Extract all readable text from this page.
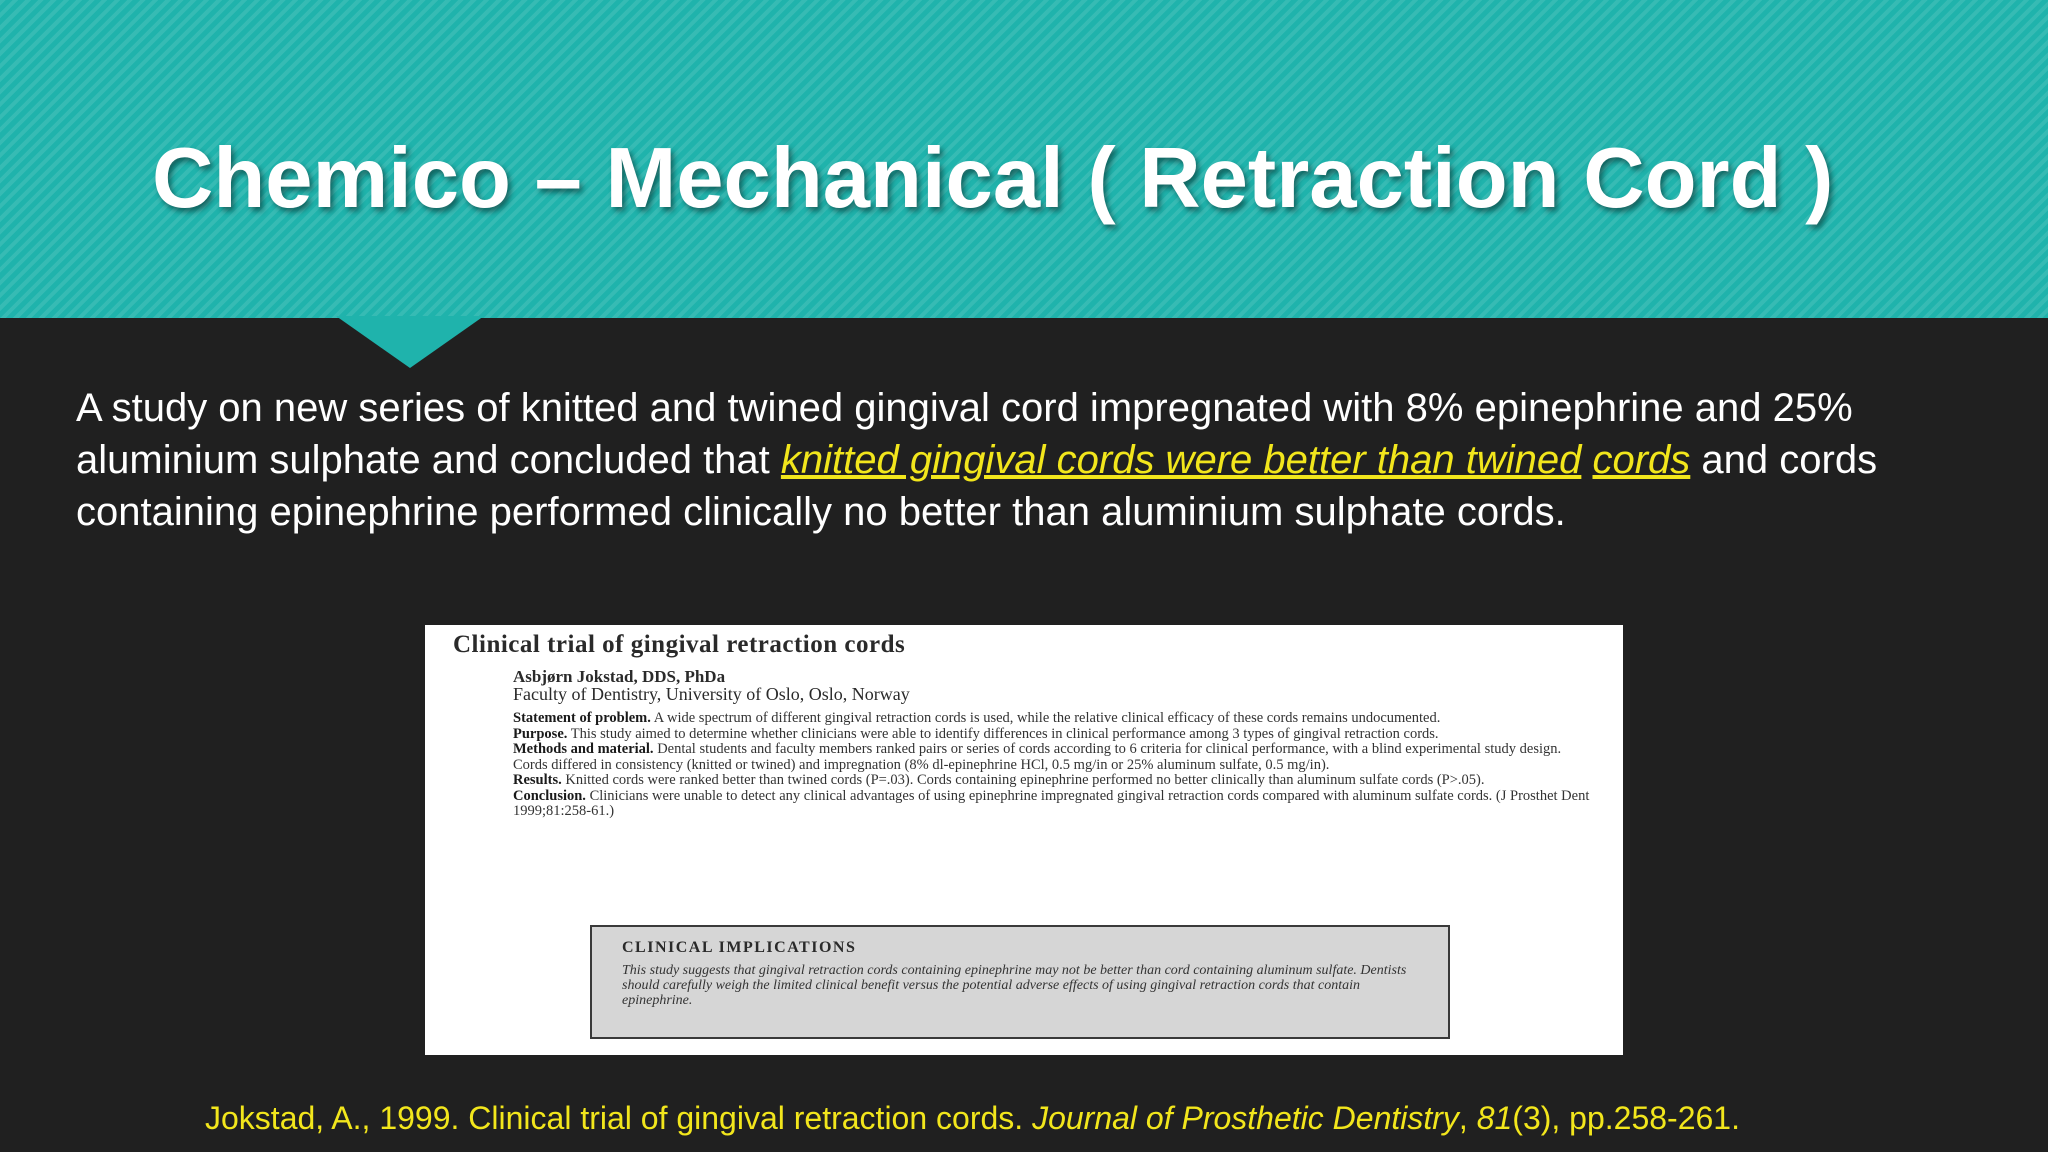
Chemico – Mechanical ( Retraction Cord )
A study on new series of knitted and twined gingival cord impregnated with 8% epinephrine and 25% aluminium sulphate and concluded that knitted gingival cords were better than twined cords and cords containing epinephrine performed clinically no better than aluminium sulphate cords.
Clinical trial of gingival retraction cords
Asbjørn Jokstad, DDS, PhDa
Faculty of Dentistry, University of Oslo, Oslo, Norway
Statement of problem. A wide spectrum of different gingival retraction cords is used, while the relative clinical efficacy of these cords remains undocumented.
Purpose. This study aimed to determine whether clinicians were able to identify differences in clinical performance among 3 types of gingival retraction cords.
Methods and material. Dental students and faculty members ranked pairs or series of cords according to 6 criteria for clinical performance, with a blind experimental study design. Cords differed in consistency (knitted or twined) and impregnation (8% dl-epinephrine HCl, 0.5 mg/in or 25% aluminum sulfate, 0.5 mg/in).
Results. Knitted cords were ranked better than twined cords (P=.03). Cords containing epinephrine performed no better clinically than aluminum sulfate cords (P>.05).
Conclusion. Clinicians were unable to detect any clinical advantages of using epinephrine impregnated gingival retraction cords compared with aluminum sulfate cords. (J Prosthet Dent 1999;81:258-61.)
CLINICAL IMPLICATIONS
This study suggests that gingival retraction cords containing epinephrine may not be better than cord containing aluminum sulfate. Dentists should carefully weigh the limited clinical benefit versus the potential adverse effects of using gingival retraction cords that contain epinephrine.
Jokstad, A., 1999. Clinical trial of gingival retraction cords. Journal of Prosthetic Dentistry, 81(3), pp.258-261.
